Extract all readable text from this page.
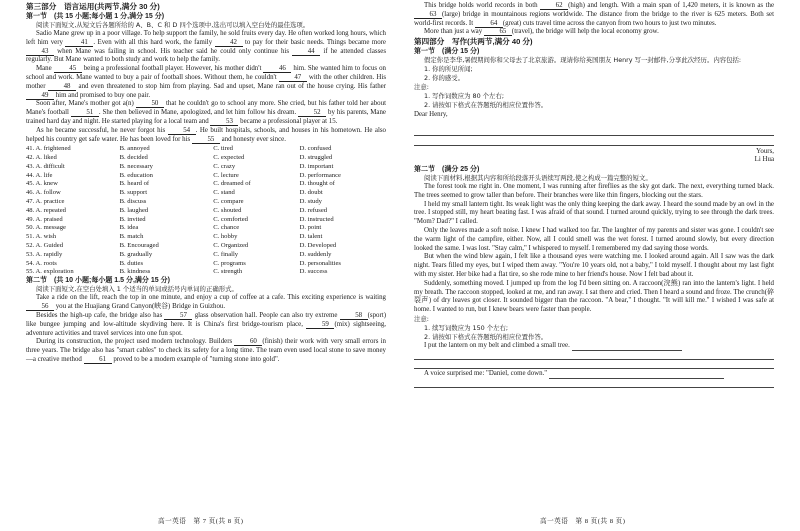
第三部分　语言运用(共两节,满分 30 分)
第一节　(共 15 小题;每小题 1 分,满分 15 分)

阅读下面短文,从短文后各题所给的 A、B、C 和 D 四个选项中,选出可以填入空白处的最佳选项。

Sadio Mane grew up in a poor village. To help support the family, he sold fruits every day. He often worked long hours, which left him very 41 . Even with all this hard work, the family 42 to pay for their basic needs. Things became more 43 when Mane was failing in school. His teacher said he could only continue his 44 if he attended classes regularly. But Mane wanted to both study and work to help the family.

Mane 45 being a professional football player. However, his mother didn't 46 him. She wanted him to focus on school and work. Mane wanted to buy a pair of football shoes. Without them, he couldn't 47 with the other children. His mother 48 and even threatened to stop him from playing. Sad and upset, Mane ran out of the house crying. His father 49 him and promised to buy one pair.

Soon after, Mane's mother got a(n) 50 that he couldn't go to school any more. She cried, but his father told her about Mane's football 51 . She then believed in Mane, apologized, and let him follow his dream. 52 by his parents, Mane trained hard day and night. He started playing for a local team and 53 became a professional player at 15.

As he became successful, he never forgot his 54 . He built hospitals, schools, and houses in his hometown. He also helped his country get safe water. He has been loved for his 55 and honesty ever since.

41. A. frightened	B. annoyed	C. tired	D. confused
42. A. liked	B. decided	C. expected	D. struggled
43. A. difficult	B. necessary	C. crazy	D. important
44. A. life	B. education	C. lecture	D. performance
45. A. knew	B. heard of	C. dreamed of	D. thought of
46. A. follow	B. support	C. stand	D. doubt
47. A. practice	B. discuss	C. compare	D. study
48. A. repeated	B. laughed	C. shouted	D. refused
49. A. praised	B. invited	C. comforted	D. instructed
50. A. message	B. idea	C. chance	D. point
51. A. wish	B. match	C. hobby	D. talent
52. A. Guided	B. Encouraged	C. Organized	D. Developed
53. A. rapidly	B. gradually	C. finally	D. suddenly
54. A. roots	B. duties	C. programs	D. personalities
55. A. exploration	B. kindness	C. strength	D. success
第二节　(共 10 小题;每小题 1.5 分,满分 15 分)

阅读下面短文,在空白处填入 1 个适当的单词或括号内单词的正确形式。

Take a ride on the lift, reach the top in one minute, and enjoy a cup of coffee at a cafe. This exciting experience is waiting 56 you at the Huajiang Grand Canyon(峡谷) Bridge in Guizhou.

Besides the high-up cafe, the bridge also has 57 glass observation hall. People can also try extreme 58 (sport) like bungee jumping and low-altitude skydiving here. It is China's first bridge-tourism place, 59 (mix) sightseeing, adventure activities and travel services into one fun spot.

During its construction, the project used modern technology. Builders 60 (finish) their work with very small errors in three years. The bridge also has "smart cables" to check its safety for a long time. The team even used local stone to save money—a creative method 61 proved to be a modern example of "turning stone into gold".

高一英语　第 7 页(共 8 页)

This bridge holds world records in both 62 (high) and length. With a main span of 1,420 meters, it is known as the 63 (large) bridge in mountainous regions worldwide. The distance from the bridge to the river is 625 meters. Both set world-first records. It 64 (great) cuts travel time across the canyon from two hours to just two minutes.

More than just a way 65 (travel), the bridge will help the local economy grow.

第四部分　写作(共两节,满分 40 分)
第一节　(满分 15 分)

假定你是李华,暑假期间你和父母去了北京旅游。现请你给英国朋友 Henry 写一封邮件,分享此次经历。内容包括:

1. 你的所见所闻;

2. 你的感受。

注意:

1. 写作词数应为 80 个左右;

2. 请按如下格式在答题纸的相应位置作答。

Dear Henry,

Yours,

Li Hua

第二节　(满分 25 分)

阅读下面材料,根据其内容和所给段落开头语续写两段,使之构成一篇完整的短文。

The forest took me right in. One moment, I was running after fireflies as the sky got dark. The next, everything turned black. The trees seemed to grow taller than before. Their branches were like thin fingers, blocking out the stars.

I held my small lantern tight. Its weak light was the only thing keeping the dark away. I heard the sound made by an owl in the tree. I stopped still, my heart beating fast. I was afraid of that sound. I turned around quickly, trying to see through the dark trees. "Mom? Dad?" I called.

Only the leaves made a soft noise. I knew I had walked too far. The laughter of my parents and sister was gone. I couldn't see the warm light of the campfire, either. Now, all I could smell was the wet forest. I turned around slowly, but every direction looked the same. I was lost. "Stay calm," I whispered to myself. I remembered my dad saying those words.

But when the wind blew again, I felt like a thousand eyes were watching me. I looked around again. All I saw was the dark night. Tears filled my eyes, but I wiped them away. "You're 10 years old, not a baby," I told myself. I thought about my last fight with my sister. Her bike had a flat tire, so she rode mine to her friend's house. Now I felt bad about it.

Suddenly, something moved. I jumped up from the log I'd been sitting on. A raccoon(浣熊) ran into the lantern's light. I held my breath. The raccoon stopped, looked at me, and ran away. I sat there and cried. Then I heard a sound and froze. The crunch(碎裂声) of dry leaves got closer. It sounded bigger than the raccoon. "A bear," I thought. "It will kill me." I wished I was safe at home. I wanted to run, but I knew bears were faster than people.

注意:

1. 续写词数应为 150 个左右;

2. 请按如下格式在答题纸的相应位置作答。

I put the lantern on my belt and climbed a small tree.

A voice surprised me: "Daniel, come down."

高一英语　第 8 页(共 8 页)
